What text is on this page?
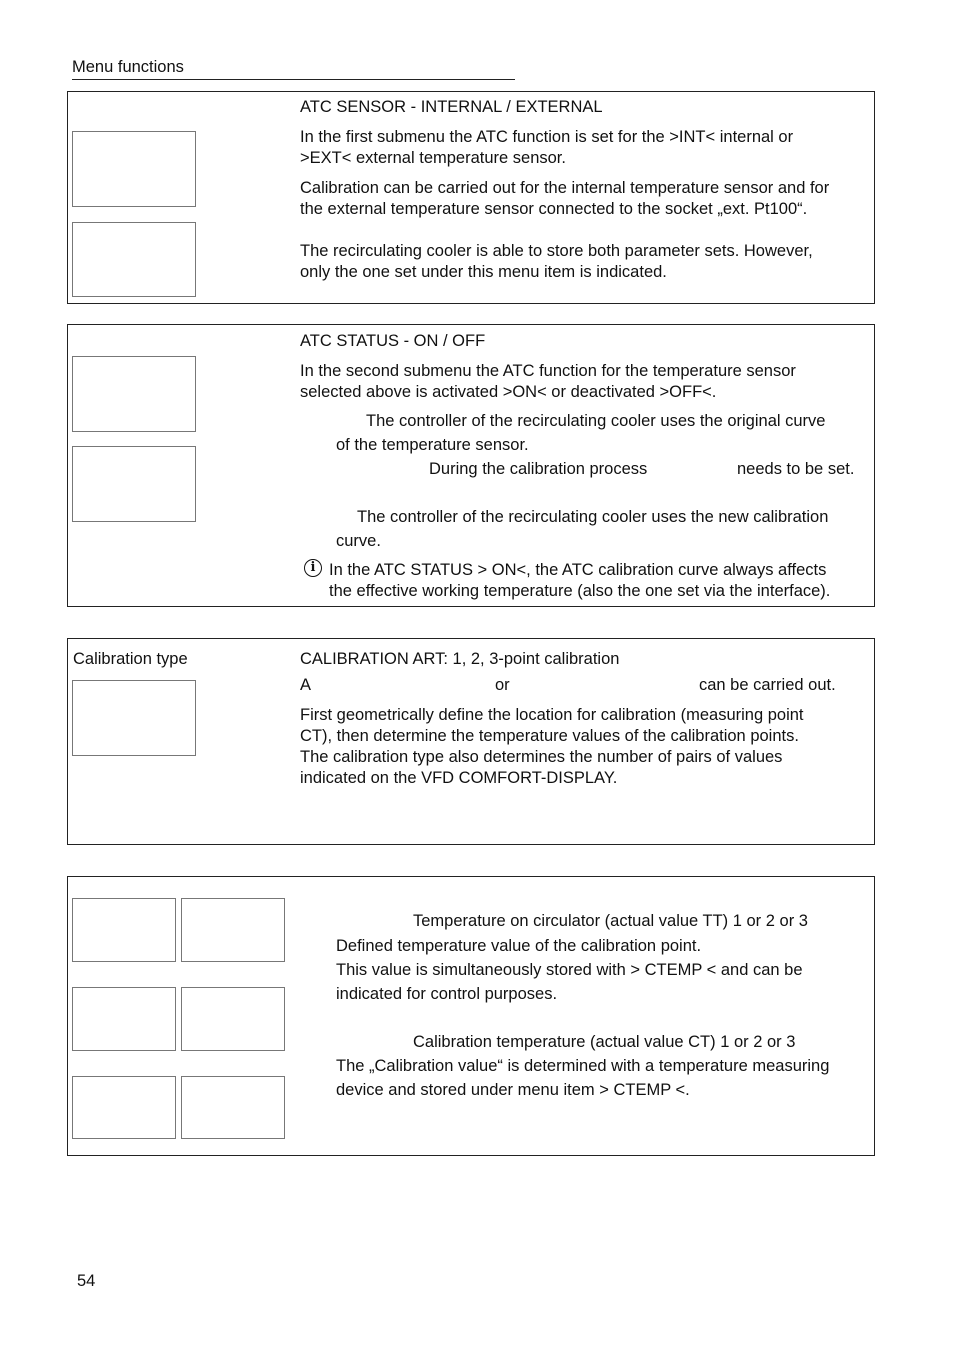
Menu functions
ATC SENSOR - INTERNAL / EXTERNAL
In the first submenu the ATC function is set for the >INT< internal or
>EXT< external temperature sensor.
Calibration can be carried out for the internal temperature sensor and for
the external temperature sensor connected to the socket „ext. Pt100“.
The recirculating cooler is able to store both parameter sets. However,
only the one set under this menu item is indicated.
ATC STATUS - ON / OFF
In the second submenu the ATC function for the temperature sensor
selected above is activated >ON< or deactivated >OFF<.
The controller of the recirculating cooler uses the original curve
of the temperature sensor.
During the calibration process	needs to be set.
The controller of the recirculating cooler uses the new calibration
curve.
i In the ATC STATUS > ON<, the ATC calibration curve always affects
the effective working temperature (also the one set via the interface).
Calibration type	CALIBRATION ART: 1, 2, 3-point calibration
A	or	can be carried out.
First geometrically define the location for calibration (measuring point
CT), then determine the temperature values of the calibration points.
The calibration type also determines the number of pairs of values
indicated on the VFD COMFORT-DISPLAY.
Temperature on circulator (actual value TT) 1 or 2 or 3
Defined temperature value of the calibration point.
This value is simultaneously stored with > CTEMP < and can be
indicated for control purposes.
Calibration temperature (actual value CT) 1 or 2 or 3
The „Calibration value“ is determined with a temperature measuring
device and stored under menu item > CTEMP <.
54
